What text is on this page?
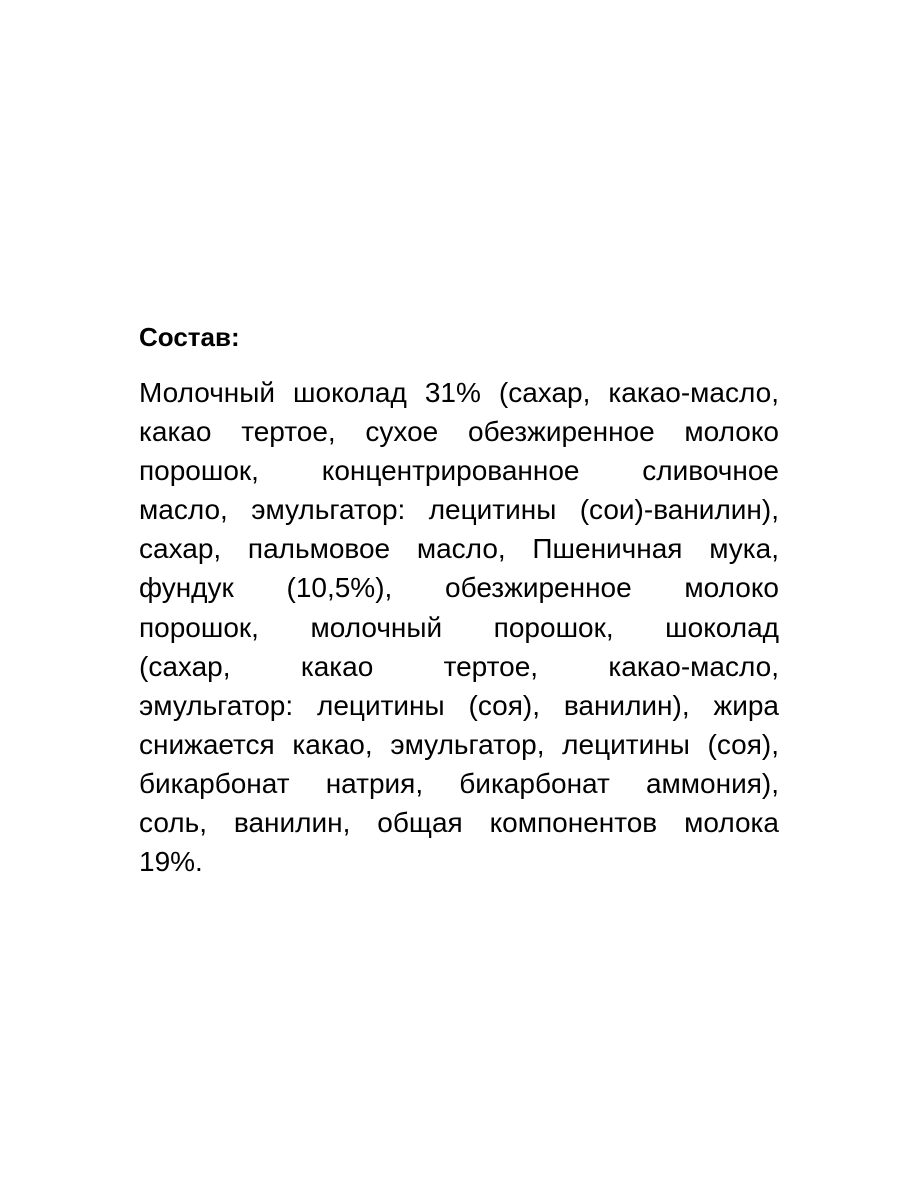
Состав:
Молочный шоколад 31% (сахар, какао-масло,
какао тертое, сухое обезжиренное молоко
порошок, концентрированное сливочное
масло, эмульгатор: лецитины (сои)-ванилин),
сахар, пальмовое масло, Пшеничная мука,
фундук (10,5%), обезжиренное молоко
порошок, молочный порошок, шоколад
(сахар, какао тертое, какао-масло,
эмульгатор: лецитины (соя), ванилин), жира
снижается какао, эмульгатор, лецитины (соя),
бикарбонат натрия, бикарбонат аммония),
соль, ванилин, общая компонентов молока
19%.
